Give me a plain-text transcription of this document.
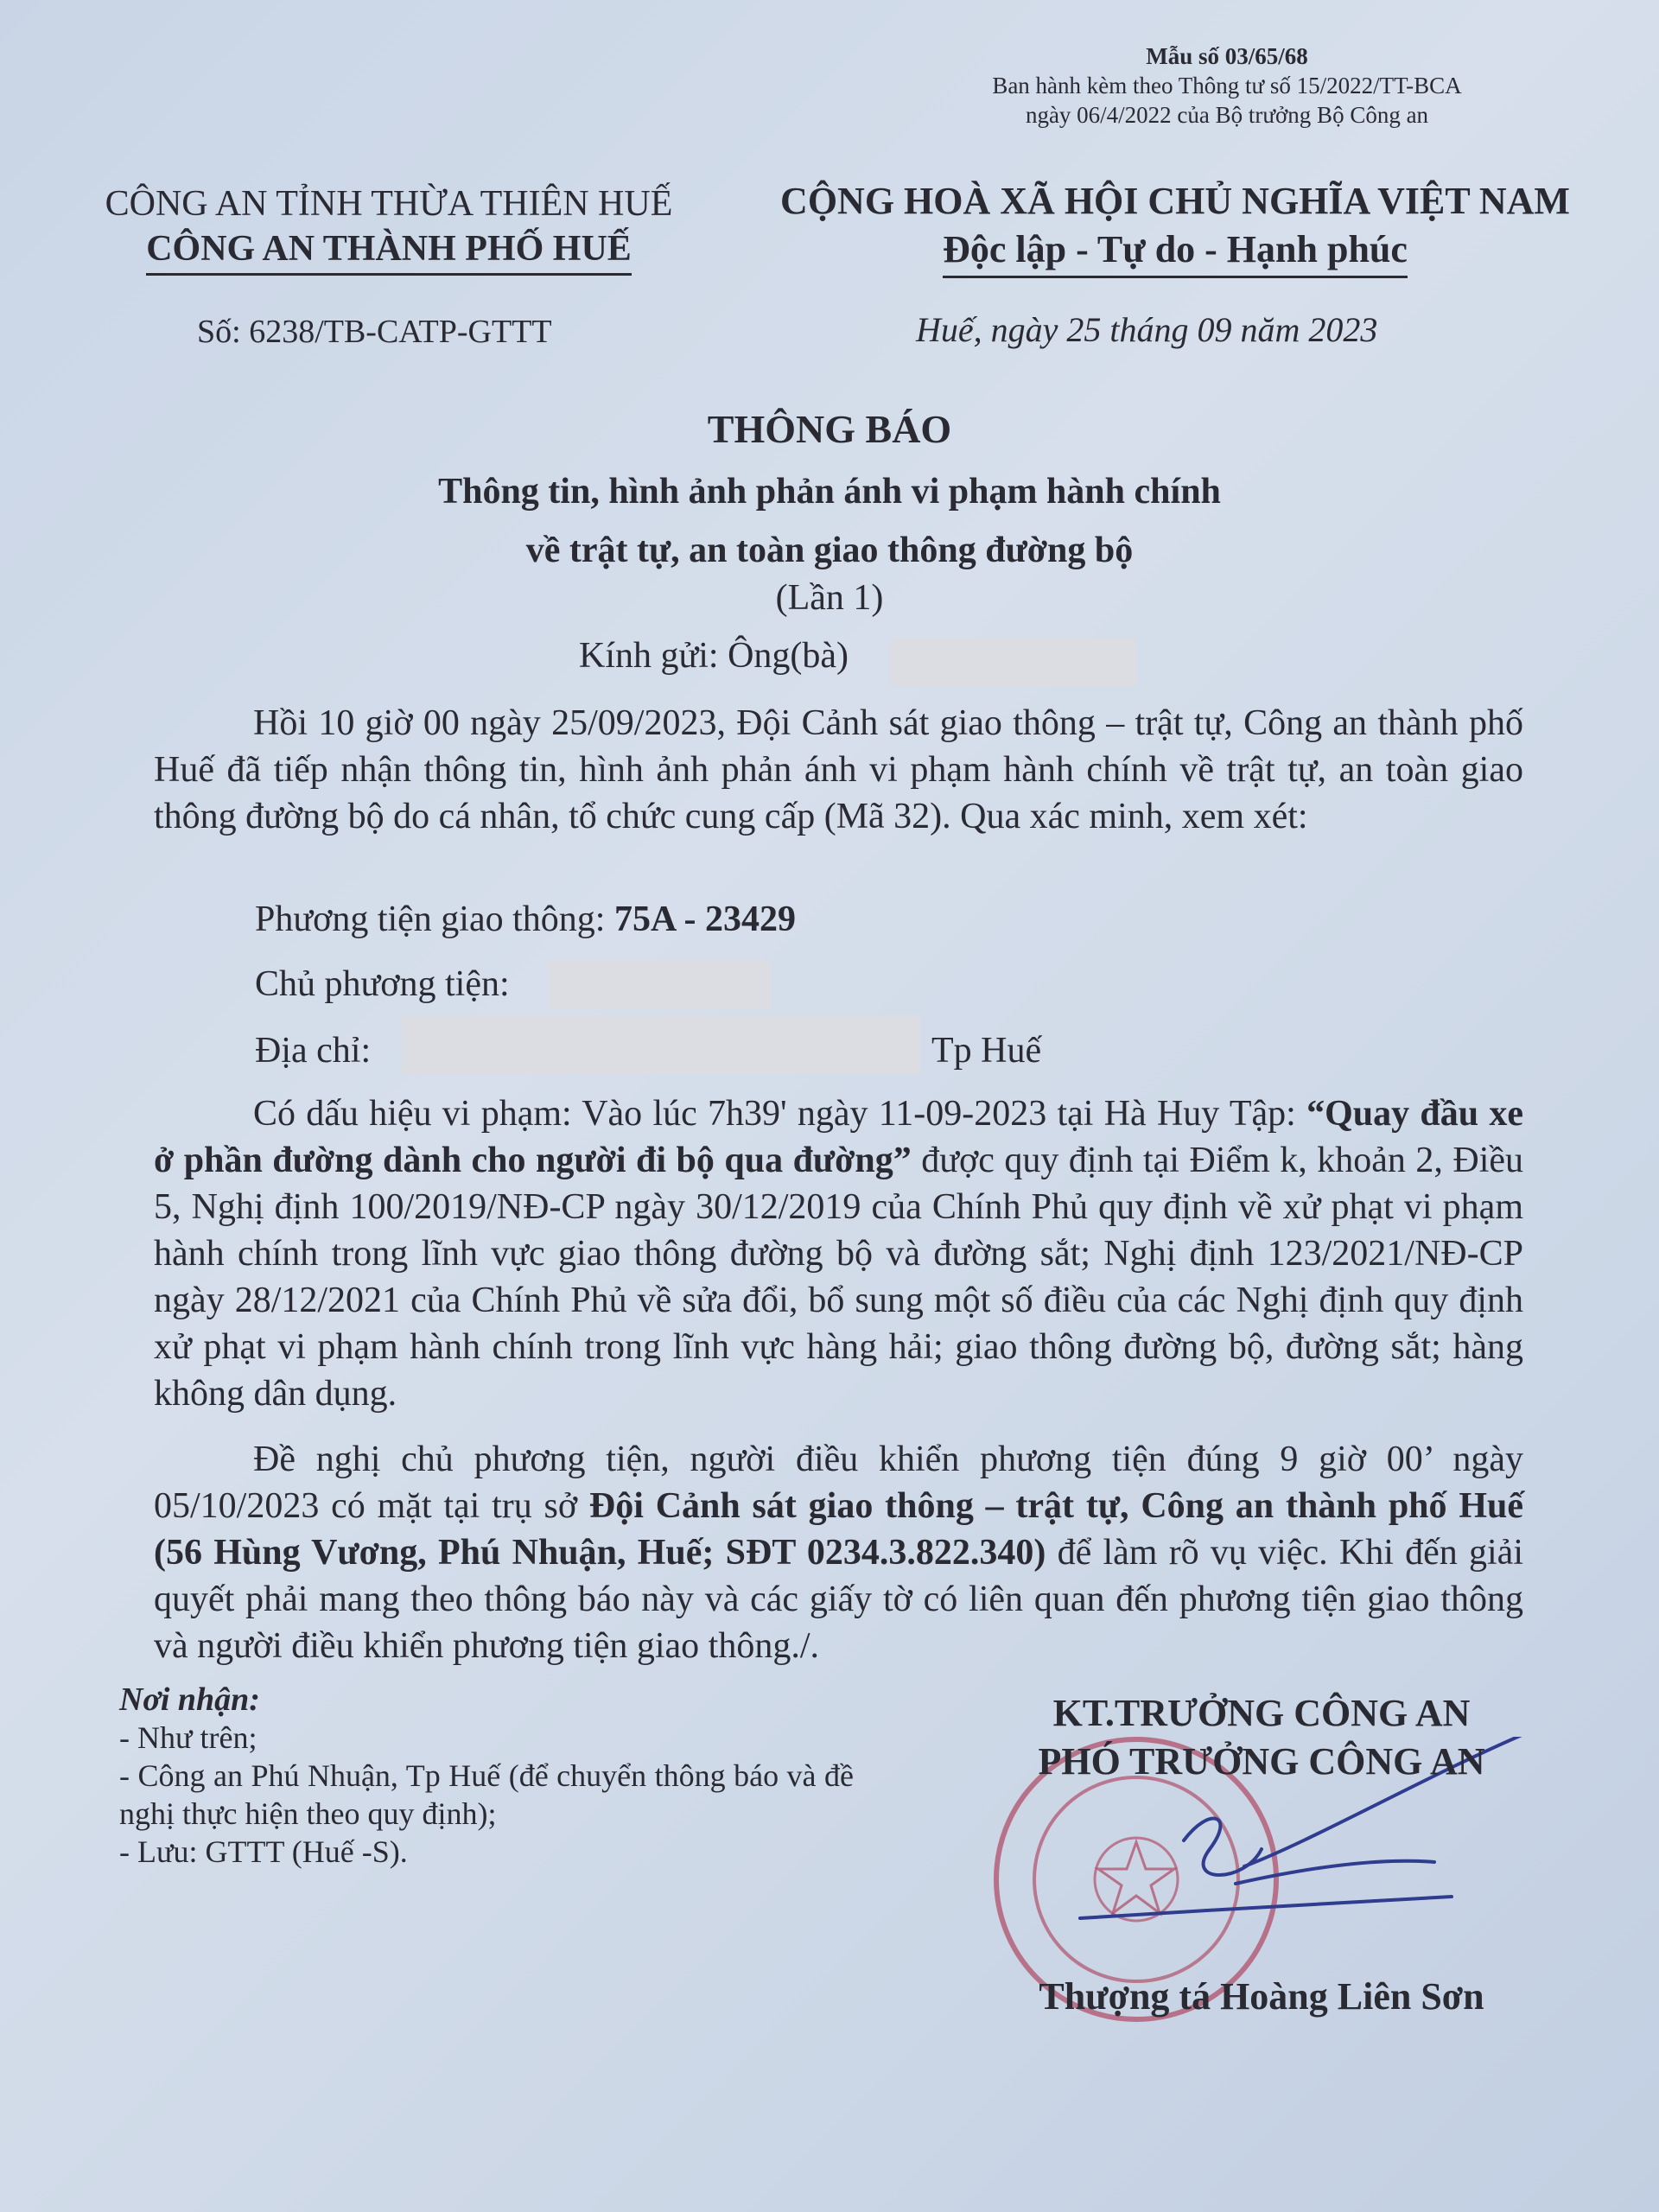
Mẫu số 03/65/68
Ban hành kèm theo Thông tư số 15/2022/TT-BCA
ngày 06/4/2022 của Bộ trưởng Bộ Công an
CÔNG AN TỈNH THỪA THIÊN HUẾ
CÔNG AN THÀNH PHỐ HUẾ
CỘNG HOÀ XÃ HỘI CHỦ NGHĨA VIỆT NAM
Độc lập - Tự do - Hạnh phúc
Số: 6238/TB-CATP-GTTT	Huế, ngày 25 tháng 09 năm 2023
THÔNG BÁO
Thông tin, hình ảnh phản ánh vi phạm hành chính
về trật tự, an toàn giao thông đường bộ
(Lần 1)
Kính gửi: Ông(bà)
Hồi 10 giờ 00 ngày 25/09/2023, Đội Cảnh sát giao thông – trật tự, Công an thành phố Huế đã tiếp nhận thông tin, hình ảnh phản ánh vi phạm hành chính về trật tự, an toàn giao thông đường bộ do cá nhân, tổ chức cung cấp (Mã 32). Qua xác minh, xem xét:
Phương tiện giao thông: 75A - 23429
Chủ phương tiện:
Địa chỉ:	Tp Huế
Có dấu hiệu vi phạm: Vào lúc 7h39' ngày 11-09-2023 tại Hà Huy Tập: “Quay đầu xe ở phần đường dành cho người đi bộ qua đường” được quy định tại Điểm k, khoản 2, Điều 5, Nghị định 100/2019/NĐ-CP ngày 30/12/2019 của Chính Phủ quy định về xử phạt vi phạm hành chính trong lĩnh vực giao thông đường bộ và đường sắt; Nghị định 123/2021/NĐ-CP ngày 28/12/2021 của Chính Phủ về sửa đổi, bổ sung một số điều của các Nghị định quy định xử phạt vi phạm hành chính trong lĩnh vực hàng hải; giao thông đường bộ, đường sắt; hàng không dân dụng.
Đề nghị chủ phương tiện, người điều khiển phương tiện đúng 9 giờ 00’ ngày 05/10/2023 có mặt tại trụ sở Đội Cảnh sát giao thông – trật tự, Công an thành phố Huế (56 Hùng Vương, Phú Nhuận, Huế; SĐT 0234.3.822.340) để làm rõ vụ việc. Khi đến giải quyết phải mang theo thông báo này và các giấy tờ có liên quan đến phương tiện giao thông và người điều khiển phương tiện giao thông./.
Nơi nhận:
- Như trên;
- Công an Phú Nhuận, Tp Huế (để chuyển thông báo và đề nghị thực hiện theo quy định);
- Lưu: GTTT (Huế -S).
KT.TRƯỞNG CÔNG AN
PHÓ TRƯỞNG CÔNG AN
Thượng tá Hoàng Liên Sơn
